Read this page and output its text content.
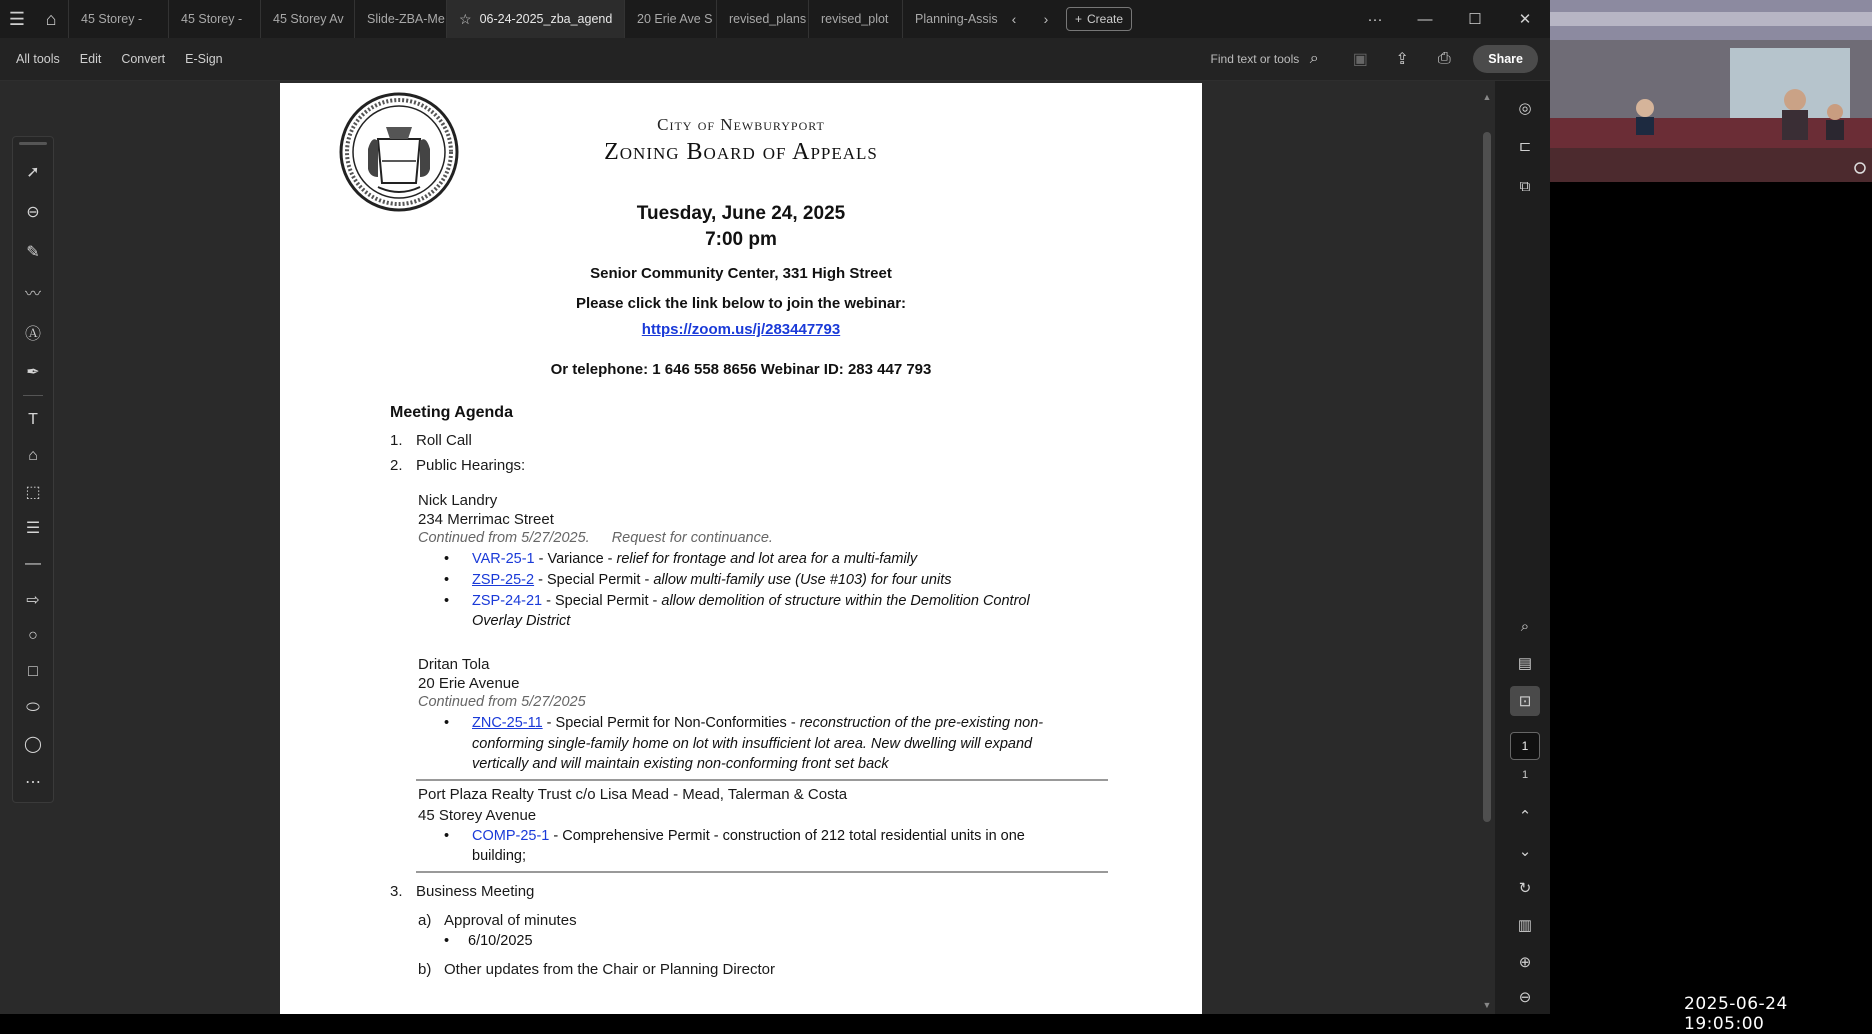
☰	⌂	45 Storey -	45 Storey - 45 Storey Av Slide-ZBA-Me ☆ 06-24-2025_zba_agend 20 Erie Ave S revised_plans revised_plot Planning-Assis ‹	›	+ Create	···	—	☐	✕
All tools Edit Convert E-Sign	Find text or tools ⌕	▣	⇪	⎙	Share
City of Newburyport
Zoning Board of Appeals
Tuesday, June 24, 2025
7:00 pm
Senior Community Center, 331 High Street
Please click the link below to join the webinar:
https://zoom.us/j/283447793
Or telephone: 1 646 558 8656 Webinar ID: 283 447 793
Meeting Agenda
1. Roll Call
2. Public Hearings:
Nick Landry
234 Merrimac Street
Continued from 5/27/2025. Request for continuance.
• VAR-25-1 - Variance - relief for frontage and lot area for a multi-family
• ZSP-25-2 - Special Permit - allow multi-family use (Use #103) for four units
• ZSP-24-21 - Special Permit - allow demolition of structure within the Demolition Control
Overlay District
Dritan Tola
20 Erie Avenue
Continued from 5/27/2025
• ZNC-25-11 - Special Permit for Non-Conformities - reconstruction of the pre-existing non-
conforming single-family home on lot with insufficient lot area. New dwelling will expand
vertically and will maintain existing non-conforming front set back
Port Plaza Realty Trust c/o Lisa Mead - Mead, Talerman & Costa
45 Storey Avenue
• COMP-25-1 - Comprehensive Permit - construction of 212 total residential units in one
building;
3. Business Meeting
a) Approval of minutes
• 6/10/2025
b) Other updates from the Chair or Planning Director
➚
⊖
✎
〰
Ⓐ
✒
T
⌂
⬚
☰
—
⇨
○
□
⬭
◯
⋯
▲
▼
◎
⊏
⧉
⌕
▤
⊡
1
1
⌃
⌄
↻
▥
⊕
⊖	2025-06-24 19:05:00
